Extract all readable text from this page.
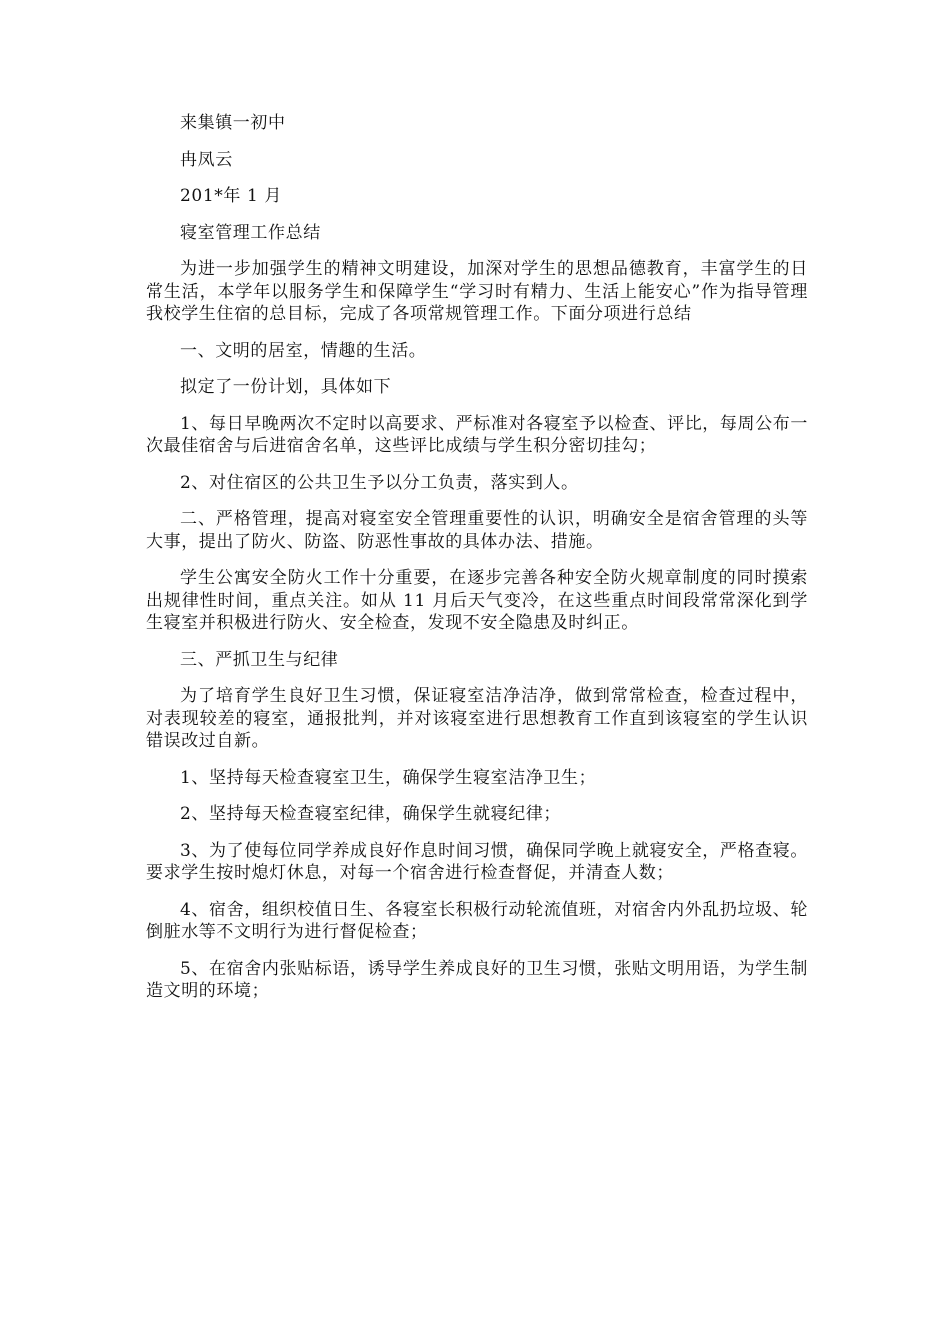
来集镇一初中

冉凤云

201*年 1 月

寝室管理工作总结

为进一步加强学生的精神文明建设，加深对学生的思想品德教育，丰富学生的日常生活，本学年以服务学生和保障学生“学习时有精力、生活上能安心”作为指导管理我校学生住宿的总目标，完成了各项常规管理工作。下面分项进行总结

一、文明的居室，情趣的生活。

拟定了一份计划，具体如下

1、每日早晚两次不定时以高要求、严标准对各寝室予以检查、评比，每周公布一次最佳宿舍与后进宿舍名单，这些评比成绩与学生积分密切挂勾；

2、对住宿区的公共卫生予以分工负责，落实到人。

二、严格管理，提高对寝室安全管理重要性的认识，明确安全是宿舍管理的头等大事，提出了防火、防盗、防恶性事故的具体办法、措施。

学生公寓安全防火工作十分重要，在逐步完善各种安全防火规章制度的同时摸索出规律性时间，重点关注。如从 11 月后天气变冷，在这些重点时间段常常深化到学生寝室并积极进行防火、安全检查，发现不安全隐患及时纠正。

三、严抓卫生与纪律

为了培育学生良好卫生习惯，保证寝室洁净洁净，做到常常检查，检查过程中，对表现较差的寝室，通报批判，并对该寝室进行思想教育工作直到该寝室的学生认识错误改过自新。

1、坚持每天检查寝室卫生，确保学生寝室洁净卫生；

2、坚持每天检查寝室纪律，确保学生就寝纪律；

3、为了使每位同学养成良好作息时间习惯，确保同学晚上就寝安全，严格查寝。要求学生按时熄灯休息，对每一个宿舍进行检查督促，并清查人数；

4、宿舍，组织校值日生、各寝室长积极行动轮流值班，对宿舍内外乱扔垃圾、轮倒脏水等不文明行为进行督促检查；

5、在宿舍内张贴标语，诱导学生养成良好的卫生习惯，张贴文明用语，为学生制造文明的环境；
